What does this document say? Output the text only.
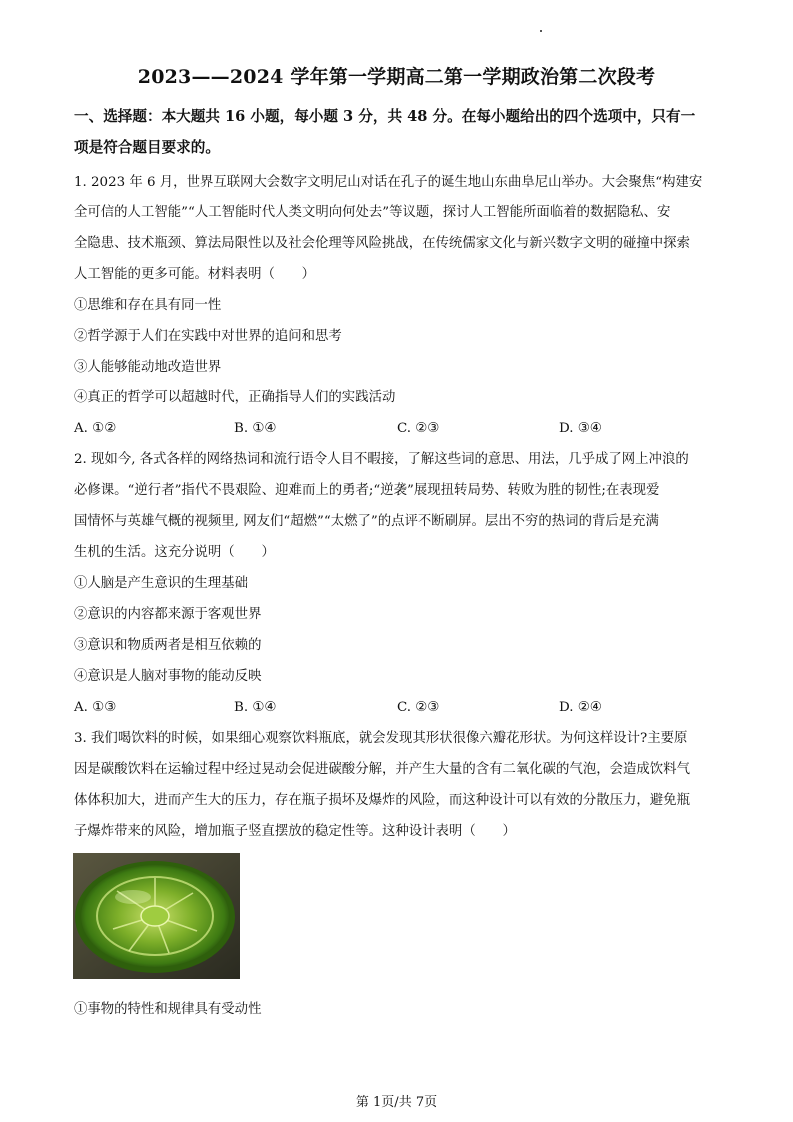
2023——2024 学年第一学期高二第一学期政治第二次段考
一、选择题：本大题共 16 小题，每小题 3 分，共 48 分。在每小题给出的四个选项中，只有一
项是符合题目要求的。
1. 2023 年 6 月，世界互联网大会数字文明尼山对话在孔子的诞生地山东曲阜尼山举办。大会聚焦“构建安
全可信的人工智能”“人工智能时代人类文明向何处去”等议题，探讨人工智能所面临着的数据隐私、安
全隐患、技术瓶颈、算法局限性以及社会伦理等风险挑战，在传统儒家文化与新兴数字文明的碰撞中探索
人工智能的更多可能。材料表明（　　）
①思维和存在具有同一性
②哲学源于人们在实践中对世界的追问和思考
③人能够能动地改造世界
④真正的哲学可以超越时代，正确指导人们的实践活动
A. ①②	B. ①④	C. ②③	D. ③④
2. 现如今, 各式各样的网络热词和流行语令人目不暇接，了解这些词的意思、用法，几乎成了网上冲浪的
必修课。“逆行者”指代不畏艰险、迎难而上的勇者;“逆袭”展现扭转局势、转败为胜的韧性;在表现爱
国情怀与英雄气概的视频里, 网友们“超燃”“太燃了”的点评不断刷屏。层出不穷的热词的背后是充满
生机的生活。这充分说明（　　）
①人脑是产生意识的生理基础
②意识的内容都来源于客观世界
③意识和物质两者是相互依赖的
④意识是人脑对事物的能动反映
A. ①③	B. ①④	C. ②③	D. ②④
3. 我们喝饮料的时候，如果细心观察饮料瓶底，就会发现其形状很像六瓣花形状。为何这样设计?主要原
因是碳酸饮料在运输过程中经过晃动会促进碳酸分解，并产生大量的含有二氧化碳的气泡，会造成饮料气
体体积加大，进而产生大的压力，存在瓶子损坏及爆炸的风险，而这种设计可以有效的分散压力，避免瓶
子爆炸带来的风险，增加瓶子竖直摆放的稳定性等。这种设计表明（　　）
①事物的特性和规律具有受动性
第 1页/共 7页
